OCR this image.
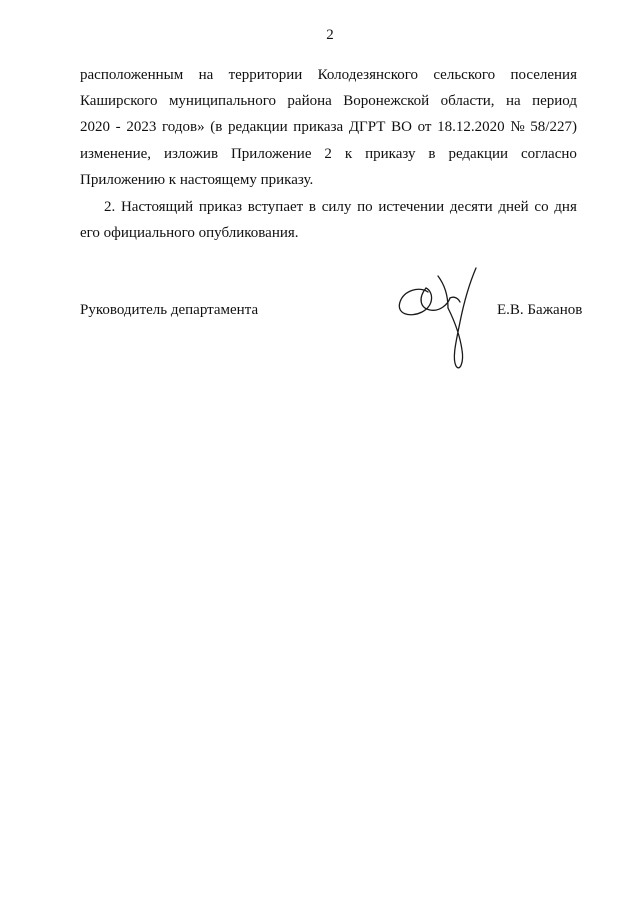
2
расположенным на территории Колодезянского сельского поселения
Каширского муниципального района Воронежской области, на период
2020 - 2023 годов» (в редакции приказа ДГРТ ВО от 18.12.2020 № 58/227)
изменение, изложив Приложение 2 к приказу в редакции согласно
Приложению к настоящему приказу.
2. Настоящий приказ вступает в силу по истечении десяти дней со дня
его официального опубликования.
Руководитель департамента	Е.В. Бажанов
